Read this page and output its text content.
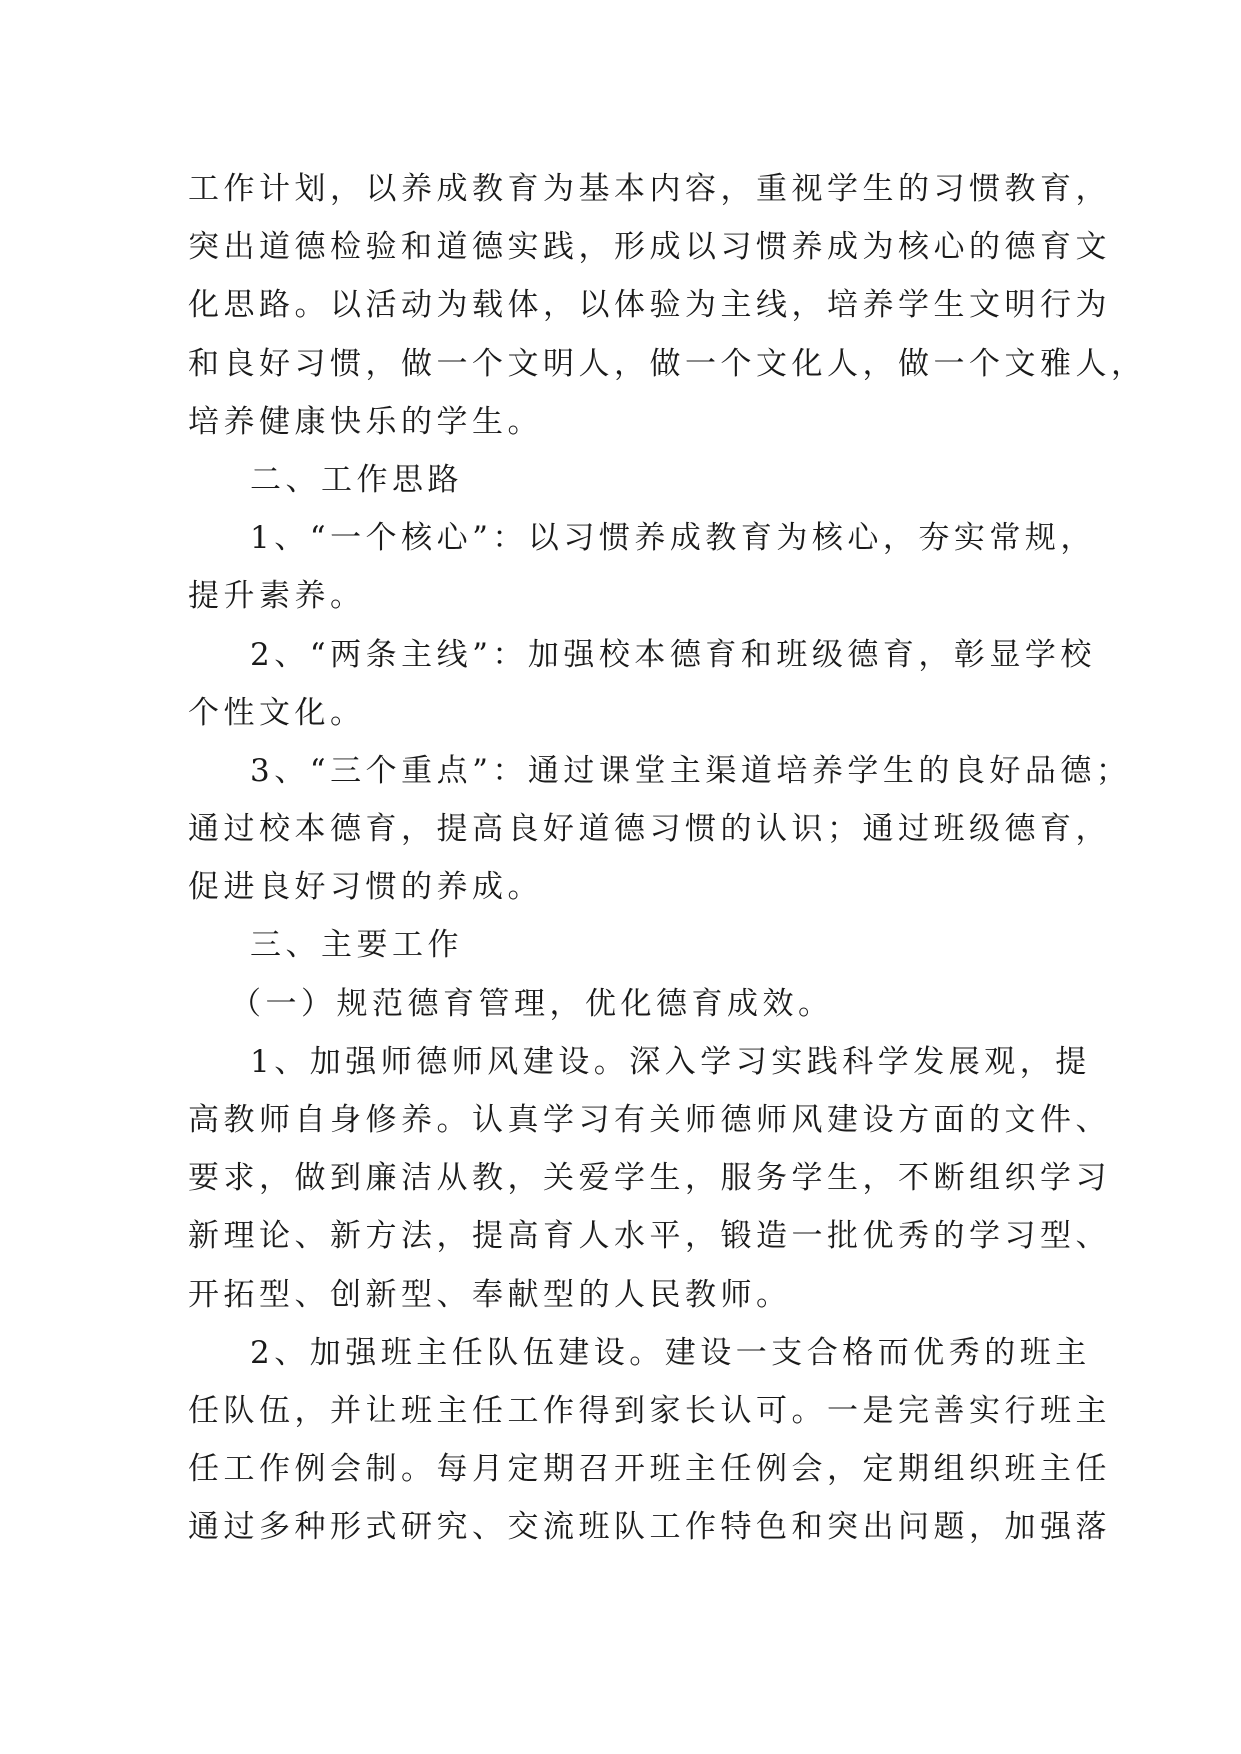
工作计划，以养成教育为基本内容，重视学生的习惯教育，
突出道德检验和道德实践，形成以习惯养成为核心的德育文
化思路。以活动为载体，以体验为主线，培养学生文明行为
和良好习惯，做一个文明人，做一个文化人，做一个文雅人，
培养健康快乐的学生。
二、工作思路
1、“一个核心”：以习惯养成教育为核心，夯实常规，
提升素养。
2、“两条主线”：加强校本德育和班级德育，彰显学校
个性文化。
3、“三个重点”：通过课堂主渠道培养学生的良好品德；
通过校本德育，提高良好道德习惯的认识；通过班级德育，
促进良好习惯的养成。
三、主要工作
（一）规范德育管理，优化德育成效。
1、加强师德师风建设。深入学习实践科学发展观，提
高教师自身修养。认真学习有关师德师风建设方面的文件、
要求，做到廉洁从教，关爱学生，服务学生，不断组织学习
新理论、新方法，提高育人水平，锻造一批优秀的学习型、
开拓型、创新型、奉献型的人民教师。
2、加强班主任队伍建设。建设一支合格而优秀的班主
任队伍，并让班主任工作得到家长认可。一是完善实行班主
任工作例会制。每月定期召开班主任例会，定期组织班主任
通过多种形式研究、交流班队工作特色和突出问题，加强落
